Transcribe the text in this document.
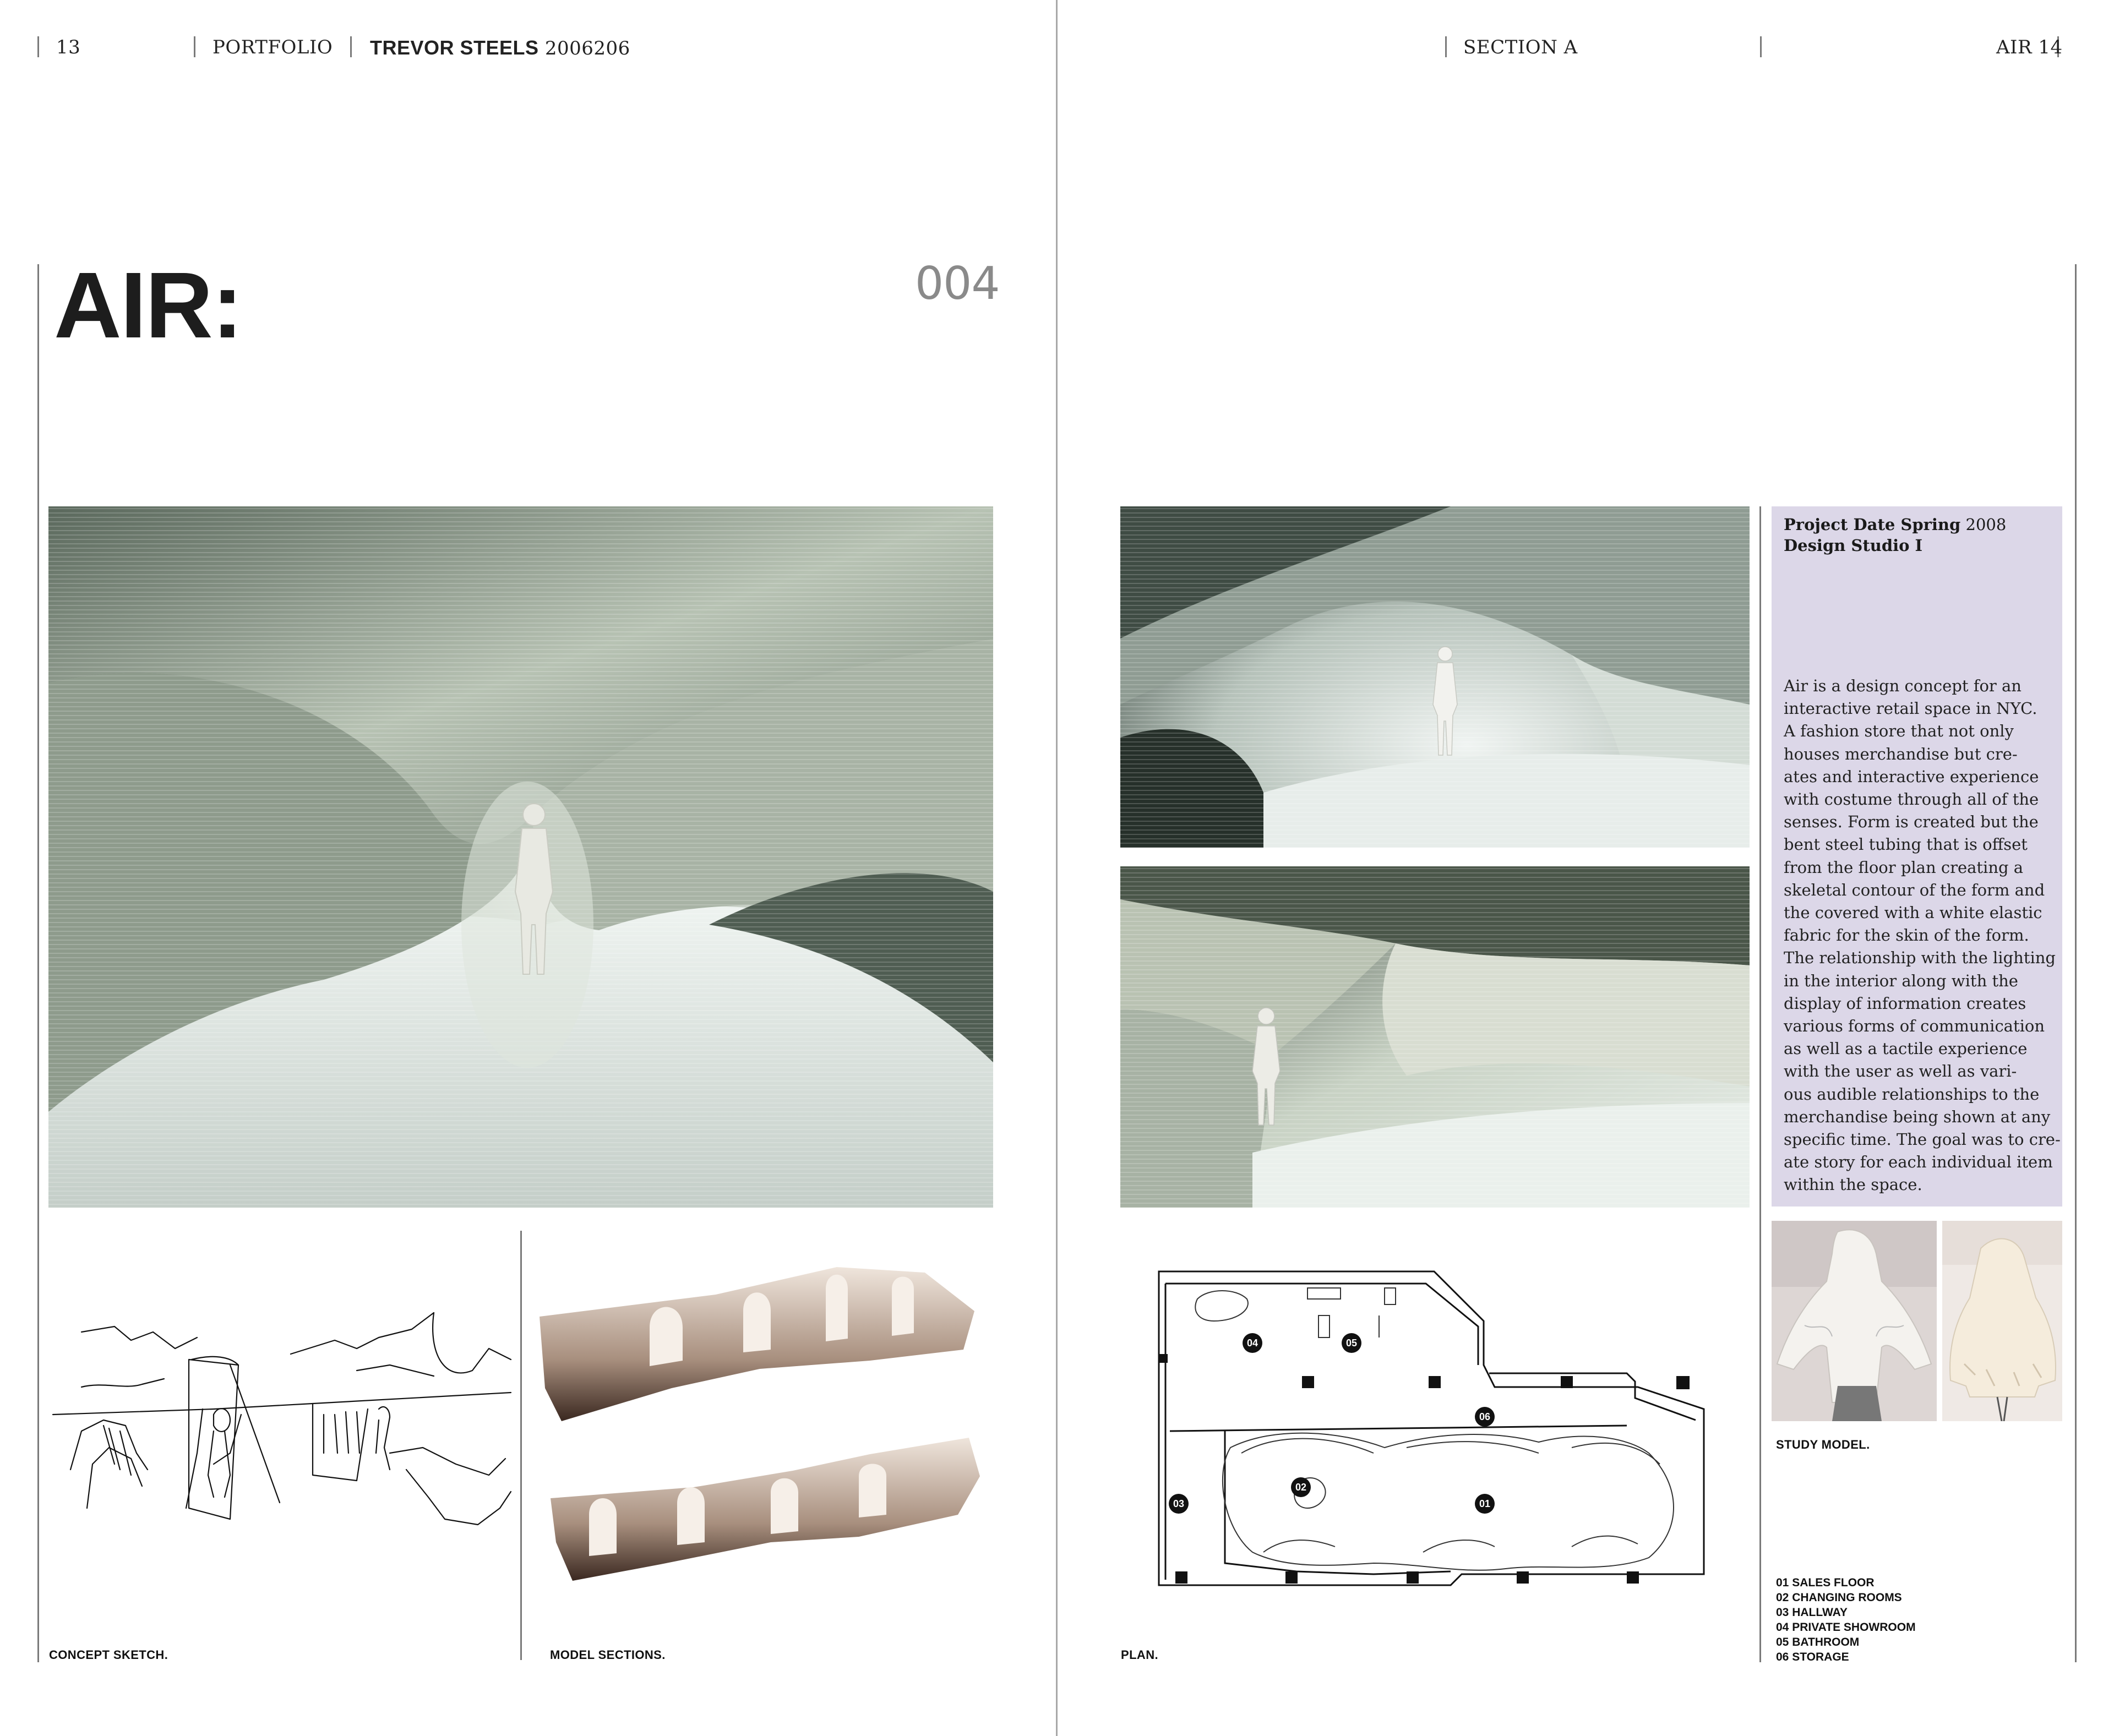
13	PORTFOLIO TREVOR STEELS 2006206	SECTION A	AIR 14
AIR:	004
Project Date Spring 2008
Design Studio I
Air is a design concept for an
interactive retail space in NYC.
A fashion store that not only
houses merchandise but cre-
ates and interactive experience
with costume through all of the
senses. Form is created but the
bent steel tubing that is offset
from the floor plan creating a
skeletal contour of the form and
the covered with a white elastic
fabric for the skin of the form.
The relationship with the lighting
in the interior along with the
display of information creates
various forms of communication
as well as a tactile experience
with the user as well as vari-
ous audible relationships to the
merchandise being shown at any
specific time. The goal was to cre-
ate story for each individual item
within the space.
04	05
06
02
03	01
CONCEPT SKETCH.	MODEL SECTIONS.	PLAN.
STUDY MODEL.
01 SALES FLOOR
02 CHANGING ROOMS
03 HALLWAY
04 PRIVATE SHOWROOM
05 BATHROOM
06 STORAGE
